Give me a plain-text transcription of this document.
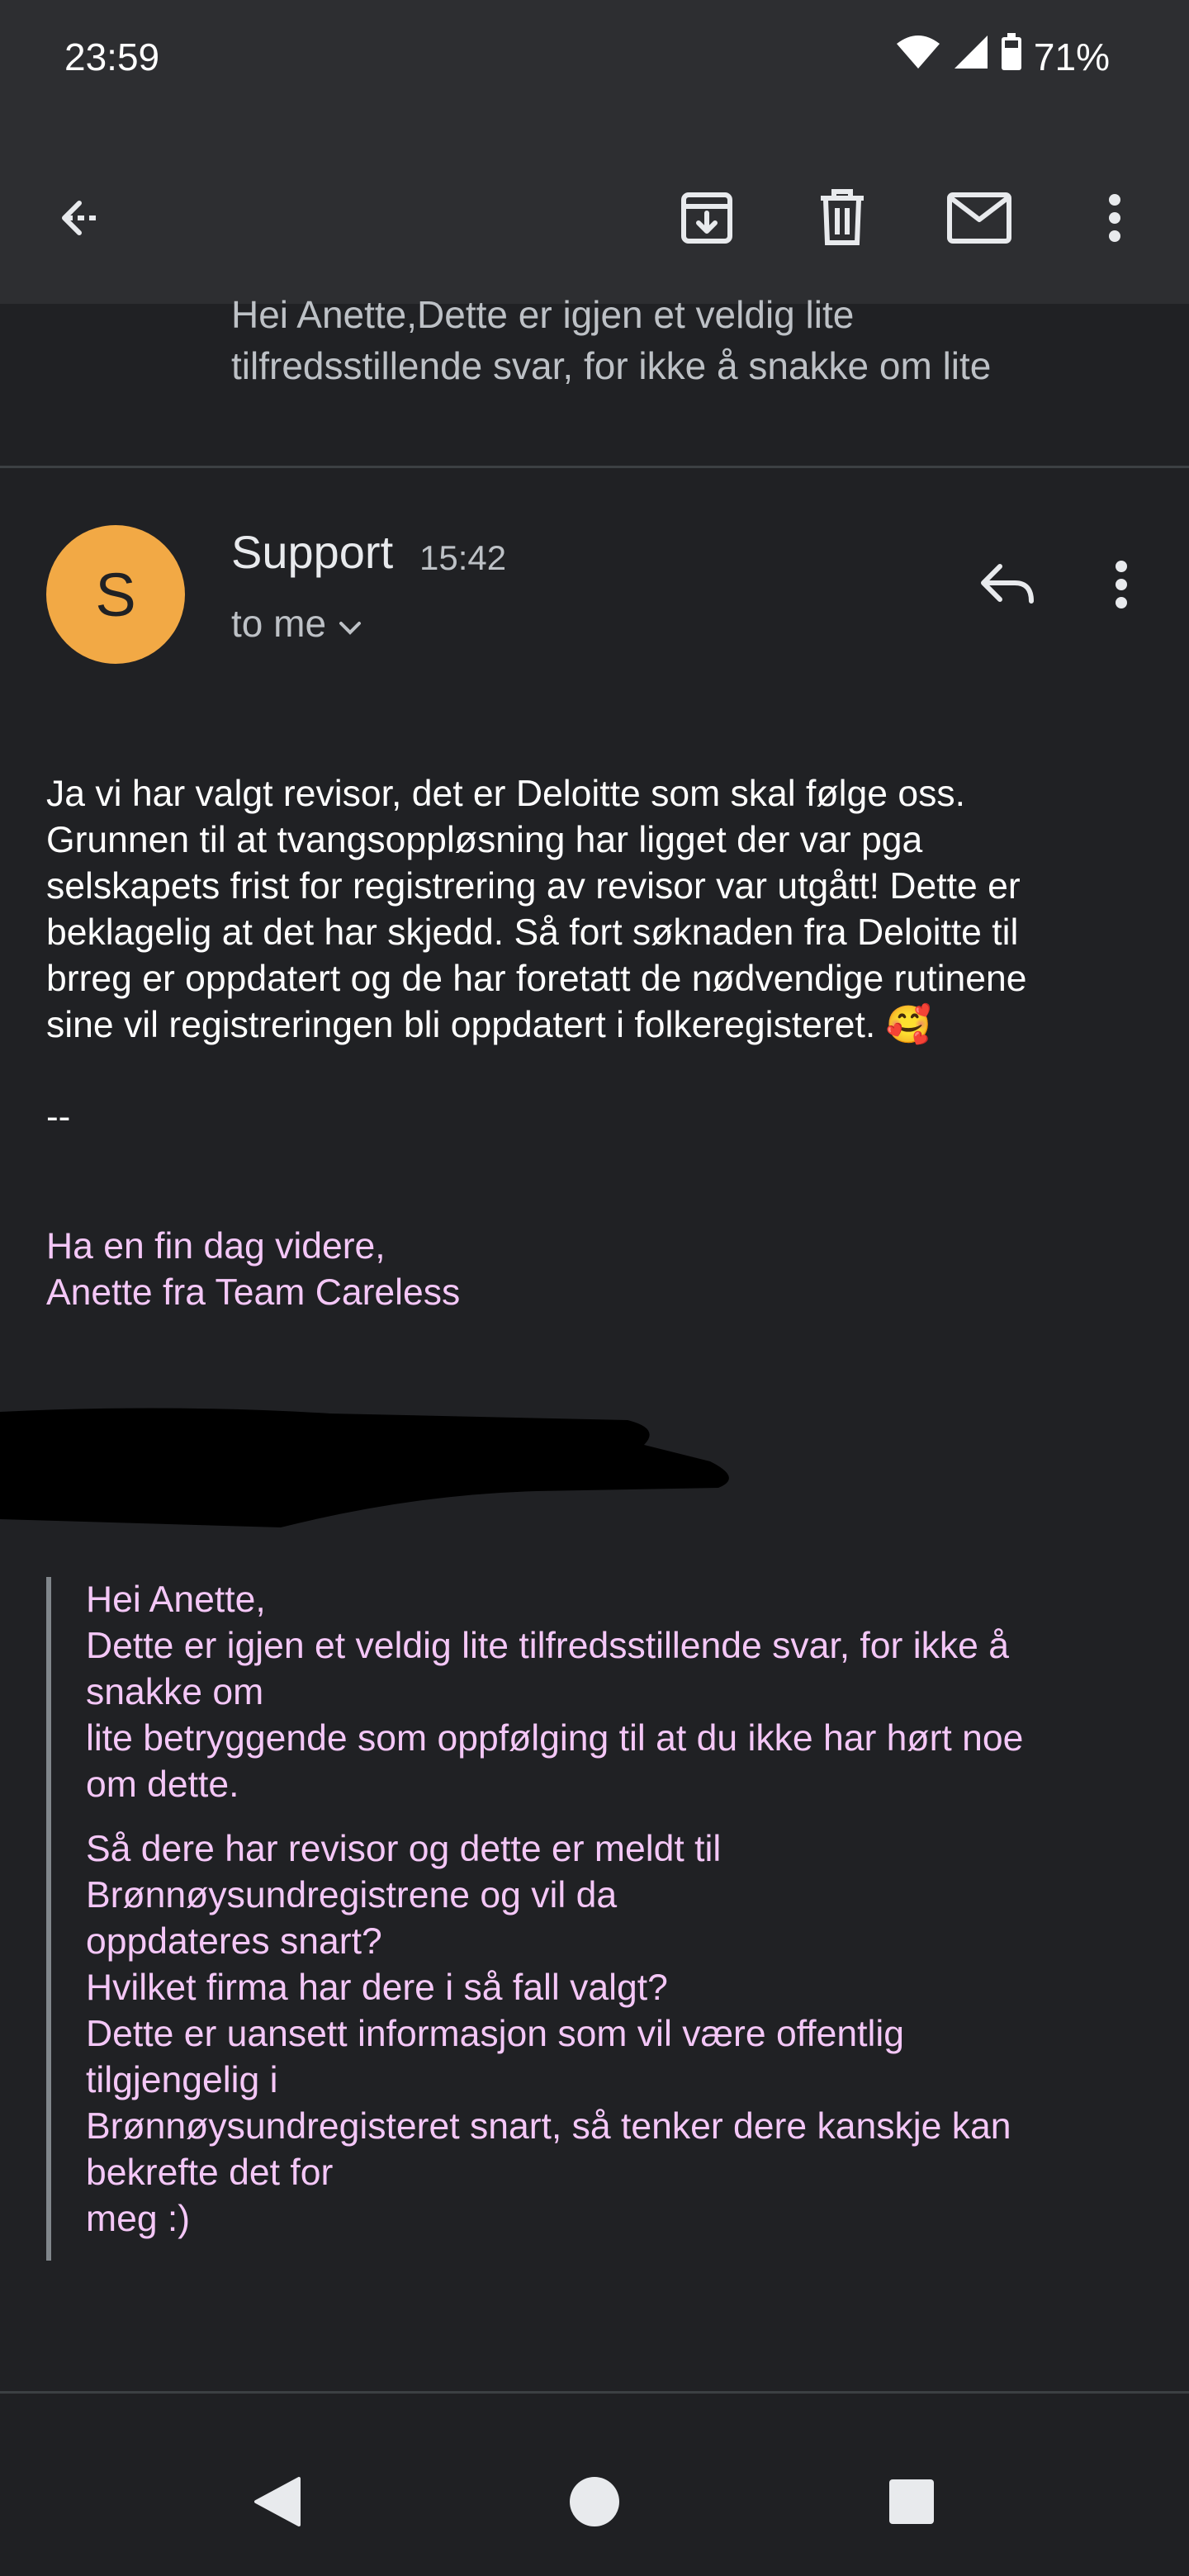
23:59	71%
Hei Anette,Dette er igjen et veldig lite
tilfredsstillende svar, for ikke å snakke om lite
S
Support 15:42
to me
Ja vi har valgt revisor, det er Deloitte som skal følge oss.
Grunnen til at tvangsoppløsning har ligget der var pga
selskapets frist for registrering av revisor var utgått! Dette er
beklagelig at det har skjedd. Så fort søknaden fra Deloitte til
brreg er oppdatert og de har foretatt de nødvendige rutinene
sine vil registreringen bli oppdatert i folkeregisteret. 🥰
--
Ha en fin dag videre,
Anette fra Team Careless
Hei Anette,
Dette er igjen et veldig lite tilfredsstillende svar, for ikke å
snakke om
lite betryggende som oppfølging til at du ikke har hørt noe
om dette.
Så dere har revisor og dette er meldt til
Brønnøysundregistrene og vil da
oppdateres snart?
Hvilket firma har dere i så fall valgt?
Dette er uansett informasjon som vil være offentlig
tilgjengelig i
Brønnøysundregisteret snart, så tenker dere kanskje kan
bekrefte det for
meg :)
